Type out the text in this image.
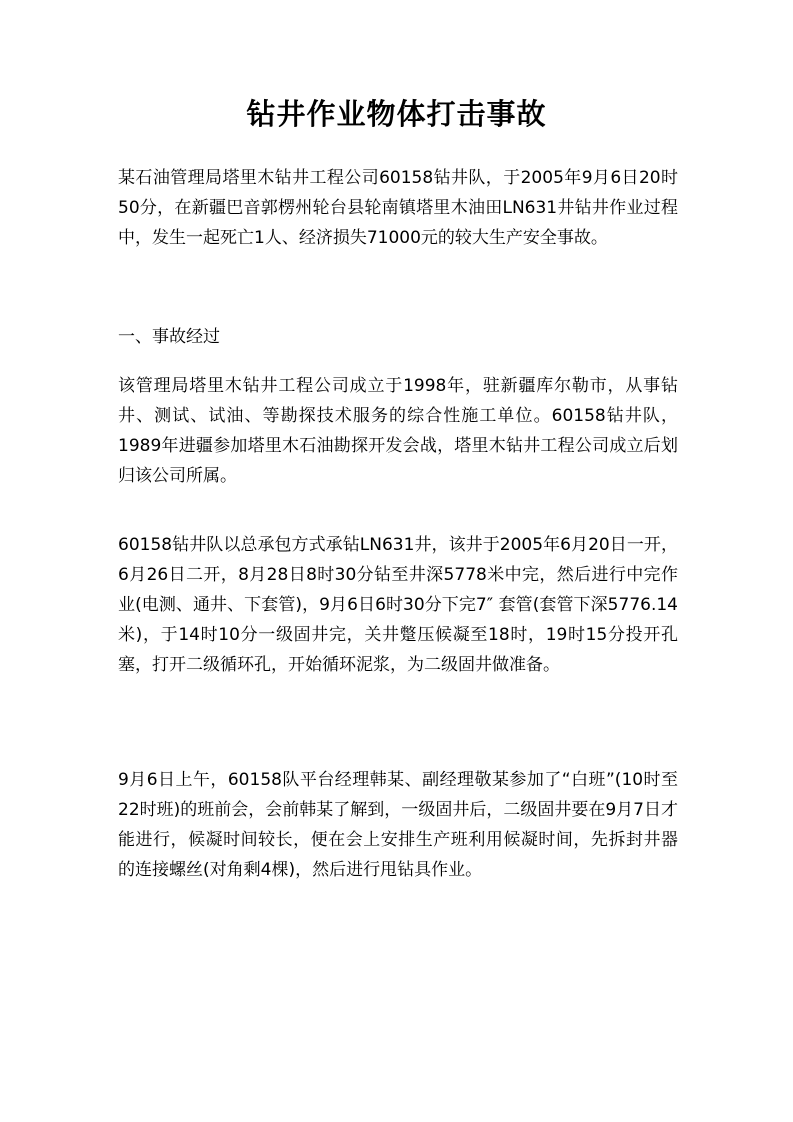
钻井作业物体打击事故

某石油管理局塔里木钻井工程公司60158钻井队，于2005年9月6日20时50分，在新疆巴音郭楞州轮台县轮南镇塔里木油田LN631井钻井作业过程中，发生一起死亡1人、经济损失71000元的较大生产安全事故。

一、事故经过

该管理局塔里木钻井工程公司成立于1998年，驻新疆库尔勒市，从事钻井、测试、试油、等勘探技术服务的综合性施工单位。60158钻井队，1989年进疆参加塔里木石油勘探开发会战，塔里木钻井工程公司成立后划归该公司所属。

60158钻井队以总承包方式承钻LN631井，该井于2005年6月20日一开，6月26日二开，8月28日8时30分钻至井深5778米中完，然后进行中完作业(电测、通井、下套管)，9月6日6时30分下完7″ 套管(套管下深5776.14米)，于14时10分一级固井完，关井蹩压候凝至18时，19时15分投开孔塞，打开二级循环孔，开始循环泥浆，为二级固井做准备。

9月6日上午，60158队平台经理韩某、副经理敬某参加了“白班”(10时至22时班)的班前会，会前韩某了解到，一级固井后，二级固井要在9月7日才能进行，候凝时间较长，便在会上安排生产班利用候凝时间，先拆封井器的连接螺丝(对角剩4棵)，然后进行甩钻具作业。
